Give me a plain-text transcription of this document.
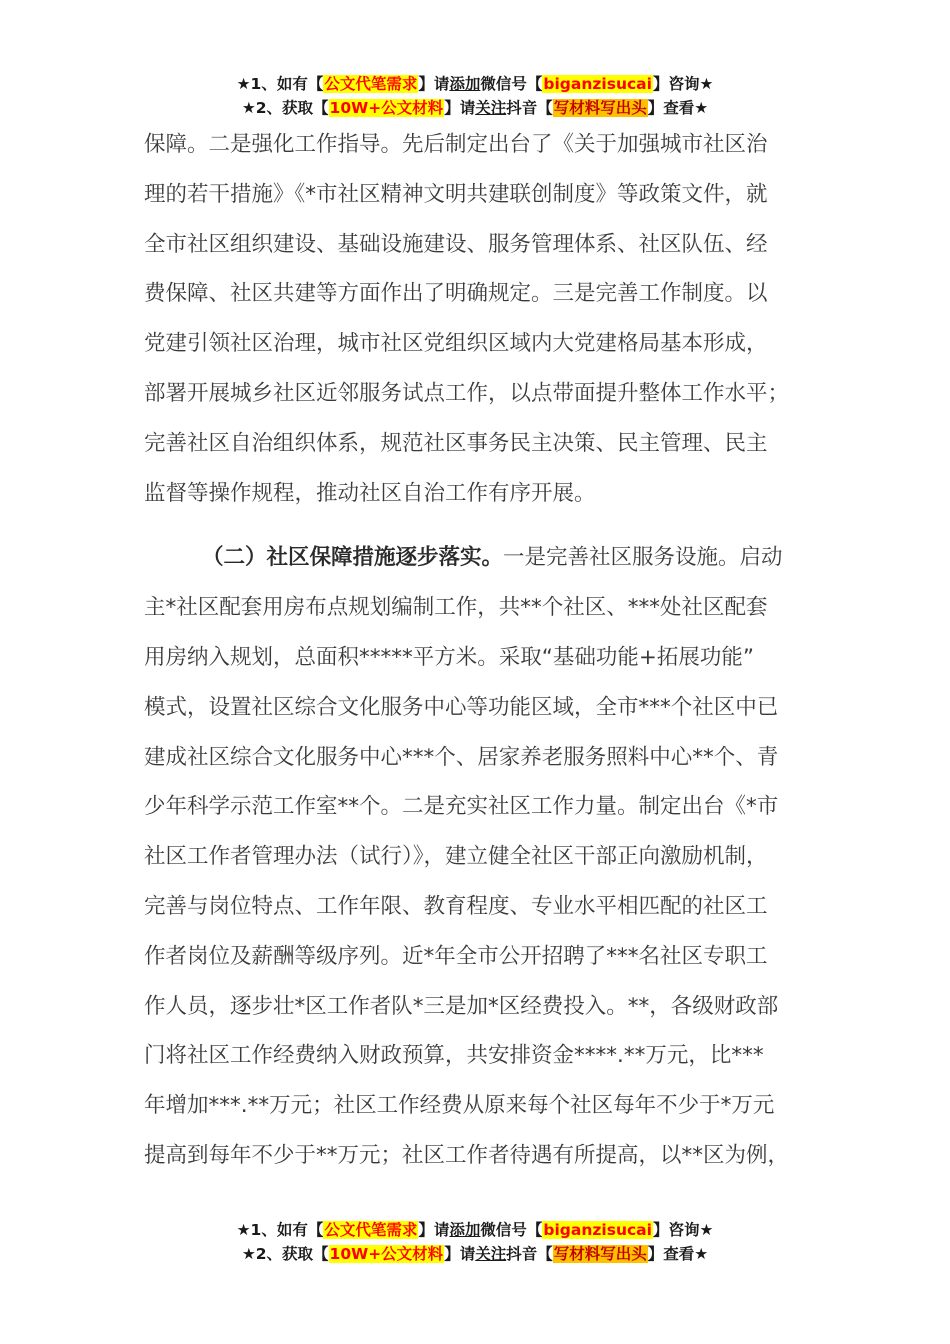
★1、如有【公文代笔需求】请添加微信号【biganzisucai】咨询★
★2、获取【10W+公文材料】请关注抖音【写材料写出头】查看★
保障。二是强化工作指导。先后制定出台了《关于加强城市社区治
理的若干措施》《*市社区精神文明共建联创制度》等政策文件，就
全市社区组织建设、基础设施建设、服务管理体系、社区队伍、经
费保障、社区共建等方面作出了明确规定。三是完善工作制度。以
党建引领社区治理，城市社区党组织区域内大党建格局基本形成，
部署开展城乡社区近邻服务试点工作，以点带面提升整体工作水平；
完善社区自治组织体系，规范社区事务民主决策、民主管理、民主
监督等操作规程，推动社区自治工作有序开展。
（二）社区保障措施逐步落实。一是完善社区服务设施。启动
主*社区配套用房布点规划编制工作，共**个社区、***处社区配套
用房纳入规划，总面积*****平方米。采取“基础功能+拓展功能”
模式，设置社区综合文化服务中心等功能区域，全市***个社区中已
建成社区综合文化服务中心***个、居家养老服务照料中心**个、青
少年科学示范工作室**个。二是充实社区工作力量。制定出台《*市
社区工作者管理办法（试行）》，建立健全社区干部正向激励机制，
完善与岗位特点、工作年限、教育程度、专业水平相匹配的社区工
作者岗位及薪酬等级序列。近*年全市公开招聘了***名社区专职工
作人员，逐步壮*区工作者队*三是加*区经费投入。**，各级财政部
门将社区工作经费纳入财政预算，共安排资金****.**万元，比***
年增加***.**万元；社区工作经费从原来每个社区每年不少于*万元
提高到每年不少于**万元；社区工作者待遇有所提高，以**区为例，
★1、如有【公文代笔需求】请添加微信号【biganzisucai】咨询★
★2、获取【10W+公文材料】请关注抖音【写材料写出头】查看★
